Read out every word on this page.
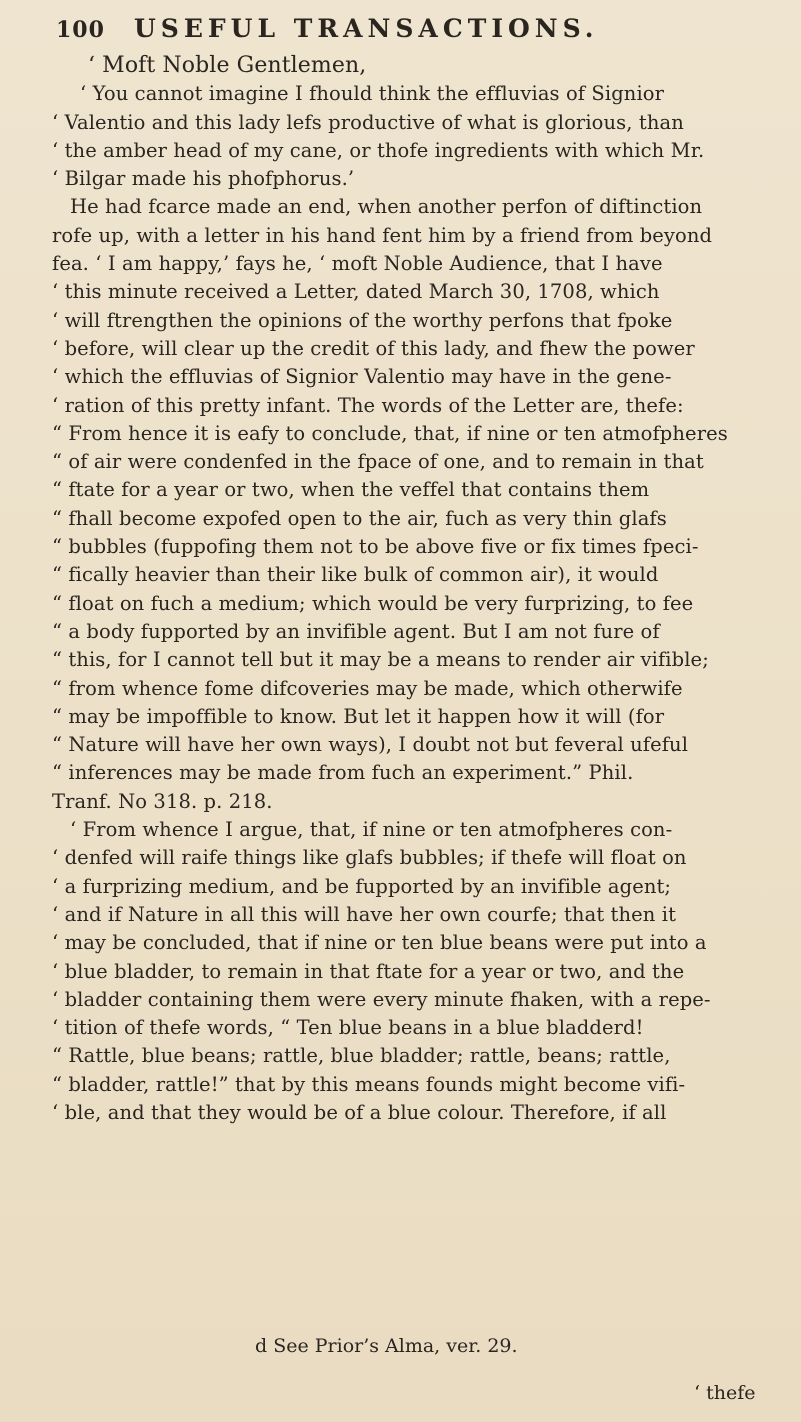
100	USEFUL TRANSACTIONS.
‘ Moft Noble Gentlemen,
‘ You cannot imagine I fhould think the effluvias of Signior
‘ Valentio and this lady lefs productive of what is glorious, than
‘ the amber head of my cane, or thofe ingredients with which Mr.
‘ Bilgar made his phofphorus.’
He had fcarce made an end, when another perfon of diftinction
rofe up, with a letter in his hand fent him by a friend from beyond
fea. ‘ I am happy,’ fays he, ‘ moft Noble Audience, that I have
‘ this minute received a Letter, dated March 30, 1708, which
‘ will ftrengthen the opinions of the worthy perfons that fpoke
‘ before, will clear up the credit of this lady, and fhew the power
‘ which the effluvias of Signior Valentio may have in the gene-
‘ ration of this pretty infant. The words of the Letter are, thefe:
“ From hence it is eafy to conclude, that, if nine or ten atmofpheres
“ of air were condenfed in the fpace of one, and to remain in that
“ ftate for a year or two, when the veffel that contains them
“ fhall become expofed open to the air, fuch as very thin glafs
“ bubbles (fuppofing them not to be above five or fix times fpeci-
“ fically heavier than their like bulk of common air), it would
“ float on fuch a medium; which would be very furprizing, to fee
“ a body fupported by an invifible agent. But I am not fure of
“ this, for I cannot tell but it may be a means to render air vifible;
“ from whence fome difcoveries may be made, which otherwife
“ may be impoffible to know. But let it happen how it will (for
“ Nature will have her own ways), I doubt not but feveral ufeful
“ inferences may be made from fuch an experiment.” Phil.
Tranf. No 318. p. 218.
‘ From whence I argue, that, if nine or ten atmofpheres con-
‘ denfed will raife things like glafs bubbles; if thefe will float on
‘ a furprizing medium, and be fupported by an invifible agent;
‘ and if Nature in all this will have her own courfe; that then it
‘ may be concluded, that if nine or ten blue beans were put into a
‘ blue bladder, to remain in that ftate for a year or two, and the
‘ bladder containing them were every minute fhaken, with a repe-
‘ tition of thefe words, “ Ten blue beans in a blue bladderd!
“ Rattle, blue beans; rattle, blue bladder; rattle, beans; rattle,
“ bladder, rattle!” that by this means founds might become vifi-
‘ ble, and that they would be of a blue colour. Therefore, if all
d See Prior’s Alma, ver. 29.
‘ thefe
